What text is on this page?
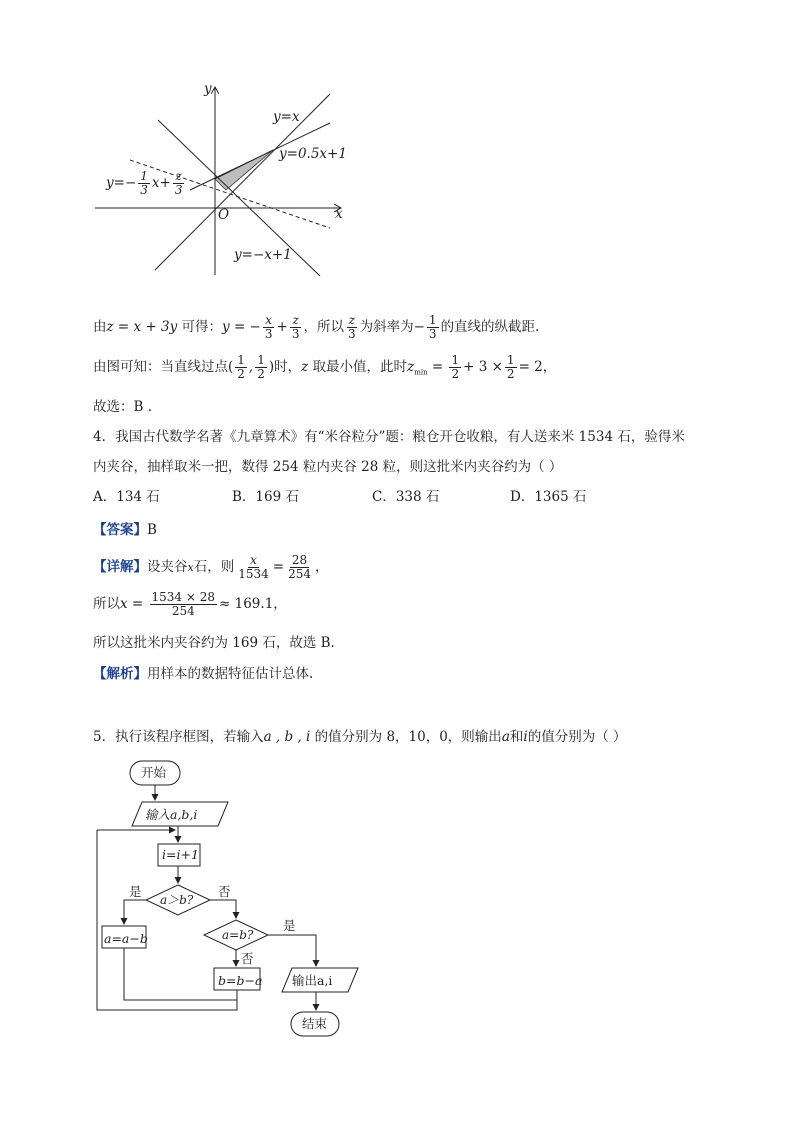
y
x
O
y=x
y=0.5x+1
y=−x+1
$y=- \frac{1}{3} x+ \frac{z}{3}$
由z = x + 3y 可得：y = − $\frac{x}{3} + \frac{z}{3}$ ，所以 $\frac{z}{3}$ 为斜率为− $\frac{1}{3}$ 的直线的纵截距.
由图可知：当直线过点( $\frac{1}{2}$ , $\frac{1}{2}$ )时，z 取最小值，此时$z_{min} = \frac{1}{2} + 3 \times \frac{1}{2} = 2$，
故选：B .
4．我国古代数学名著《九章算术》有“米谷粒分”题：粮仓开仓收粮，有人送来米 1534 石，验得米
内夹谷，抽样取米一把，数得 254 粒内夹谷 28 粒，则这批米内夹谷约为（ ）
A．134 石	B．169 石	C．338 石	D．1365 石
【答案】B
【详解】设夹谷x石，则 $\frac{x}{1534} = \frac{28}{254}$ ，
所以$x = \frac{1534 \times 28}{254} \approx 169.1$，
所以这批米内夹谷约为 169 石，故选 B.
【解析】用样本的数据特征估计总体.
5．执行该程序框图，若输入a , b , i 的值分别为 8，10，0，则输出a和i的值分别为（ ）
开始
输入a,b,i
i=i+1
a＞b?
是	否
a=a−b	a=b?
是
否
b=b−a 输出a,i
结束
